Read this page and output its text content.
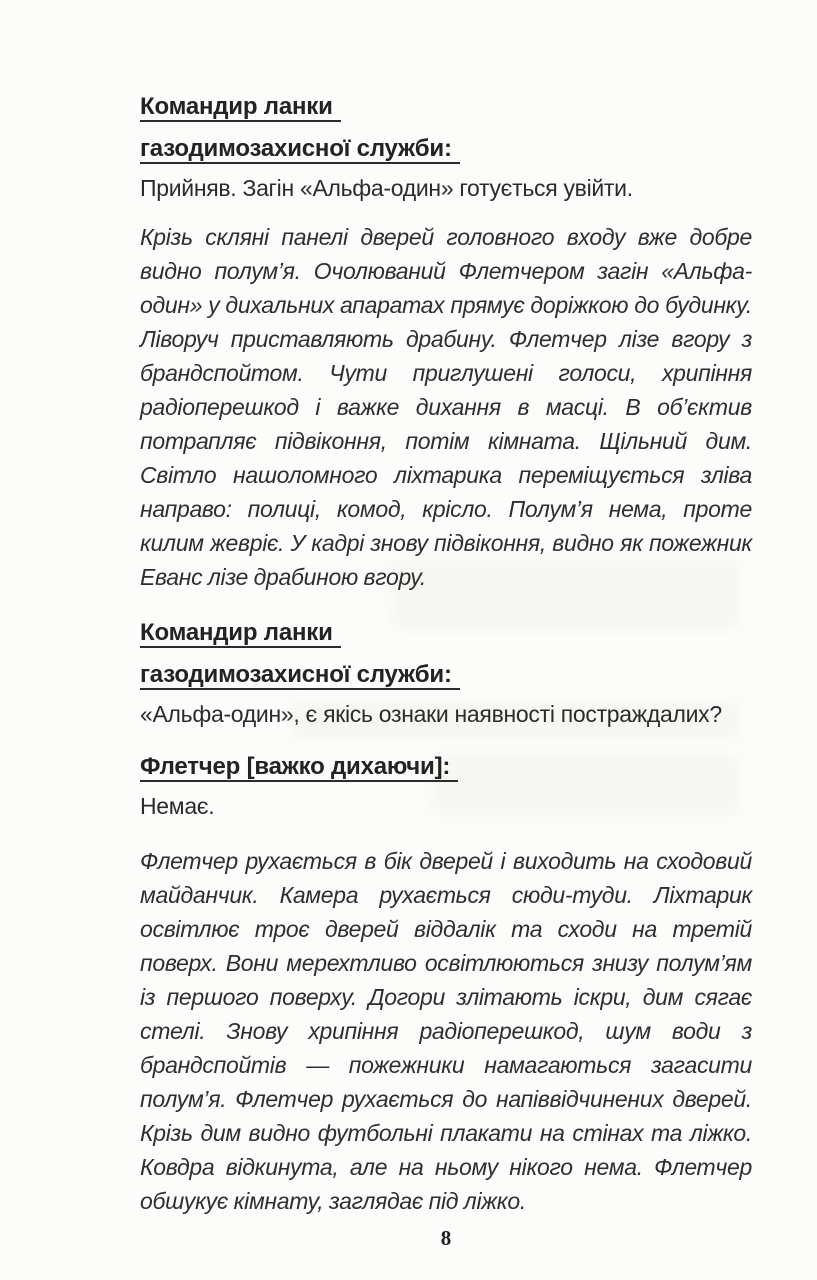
Командир ланки
газодимозахисної служби:
Прийняв. Загін «Альфа-один» готується увійти.
Крізь скляні панелі дверей головного входу вже добре видно полум’я. Очолюваний Флетчером загін «Альфа-один» у дихальних апаратах прямує доріжкою до будинку. Ліворуч приставляють драбину. Флетчер лізе вгору з брандспойтом. Чути приглушені голоси, хрипіння радіоперешкод і важке дихання в масці. В об’єктив потрапляє підвіконня, потім кімната. Щільний дим. Світло нашоломного ліхтарика переміщується зліва направо: полиці, комод, крісло. Полум’я нема, проте килим жевріє. У кадрі знову підвіконня, видно як пожежник Еванс лізе драбиною вгору.
Командир ланки
газодимозахисної служби:
«Альфа-один», є якісь ознаки наявності постраждалих?
Флетчер [важко дихаючи]:
Немає.
Флетчер рухається в бік дверей і виходить на сходовий майданчик. Камера рухається сюди-туди. Ліхтарик освітлює троє дверей віддалік та сходи на третій поверх. Вони мерехтливо освітлюються знизу полум’ям із першого поверху. Догори злітають іскри, дим сягає стелі. Знову хрипіння радіоперешкод, шум води з брандспойтів — пожежники намагаються загасити полум’я. Флетчер рухається до напіввідчинених дверей. Крізь дим видно футбольні плакати на стінах та ліжко. Ковдра відкинута, але на ньому нікого нема. Флетчер обшукує кімнату, заглядає під ліжко.
8
